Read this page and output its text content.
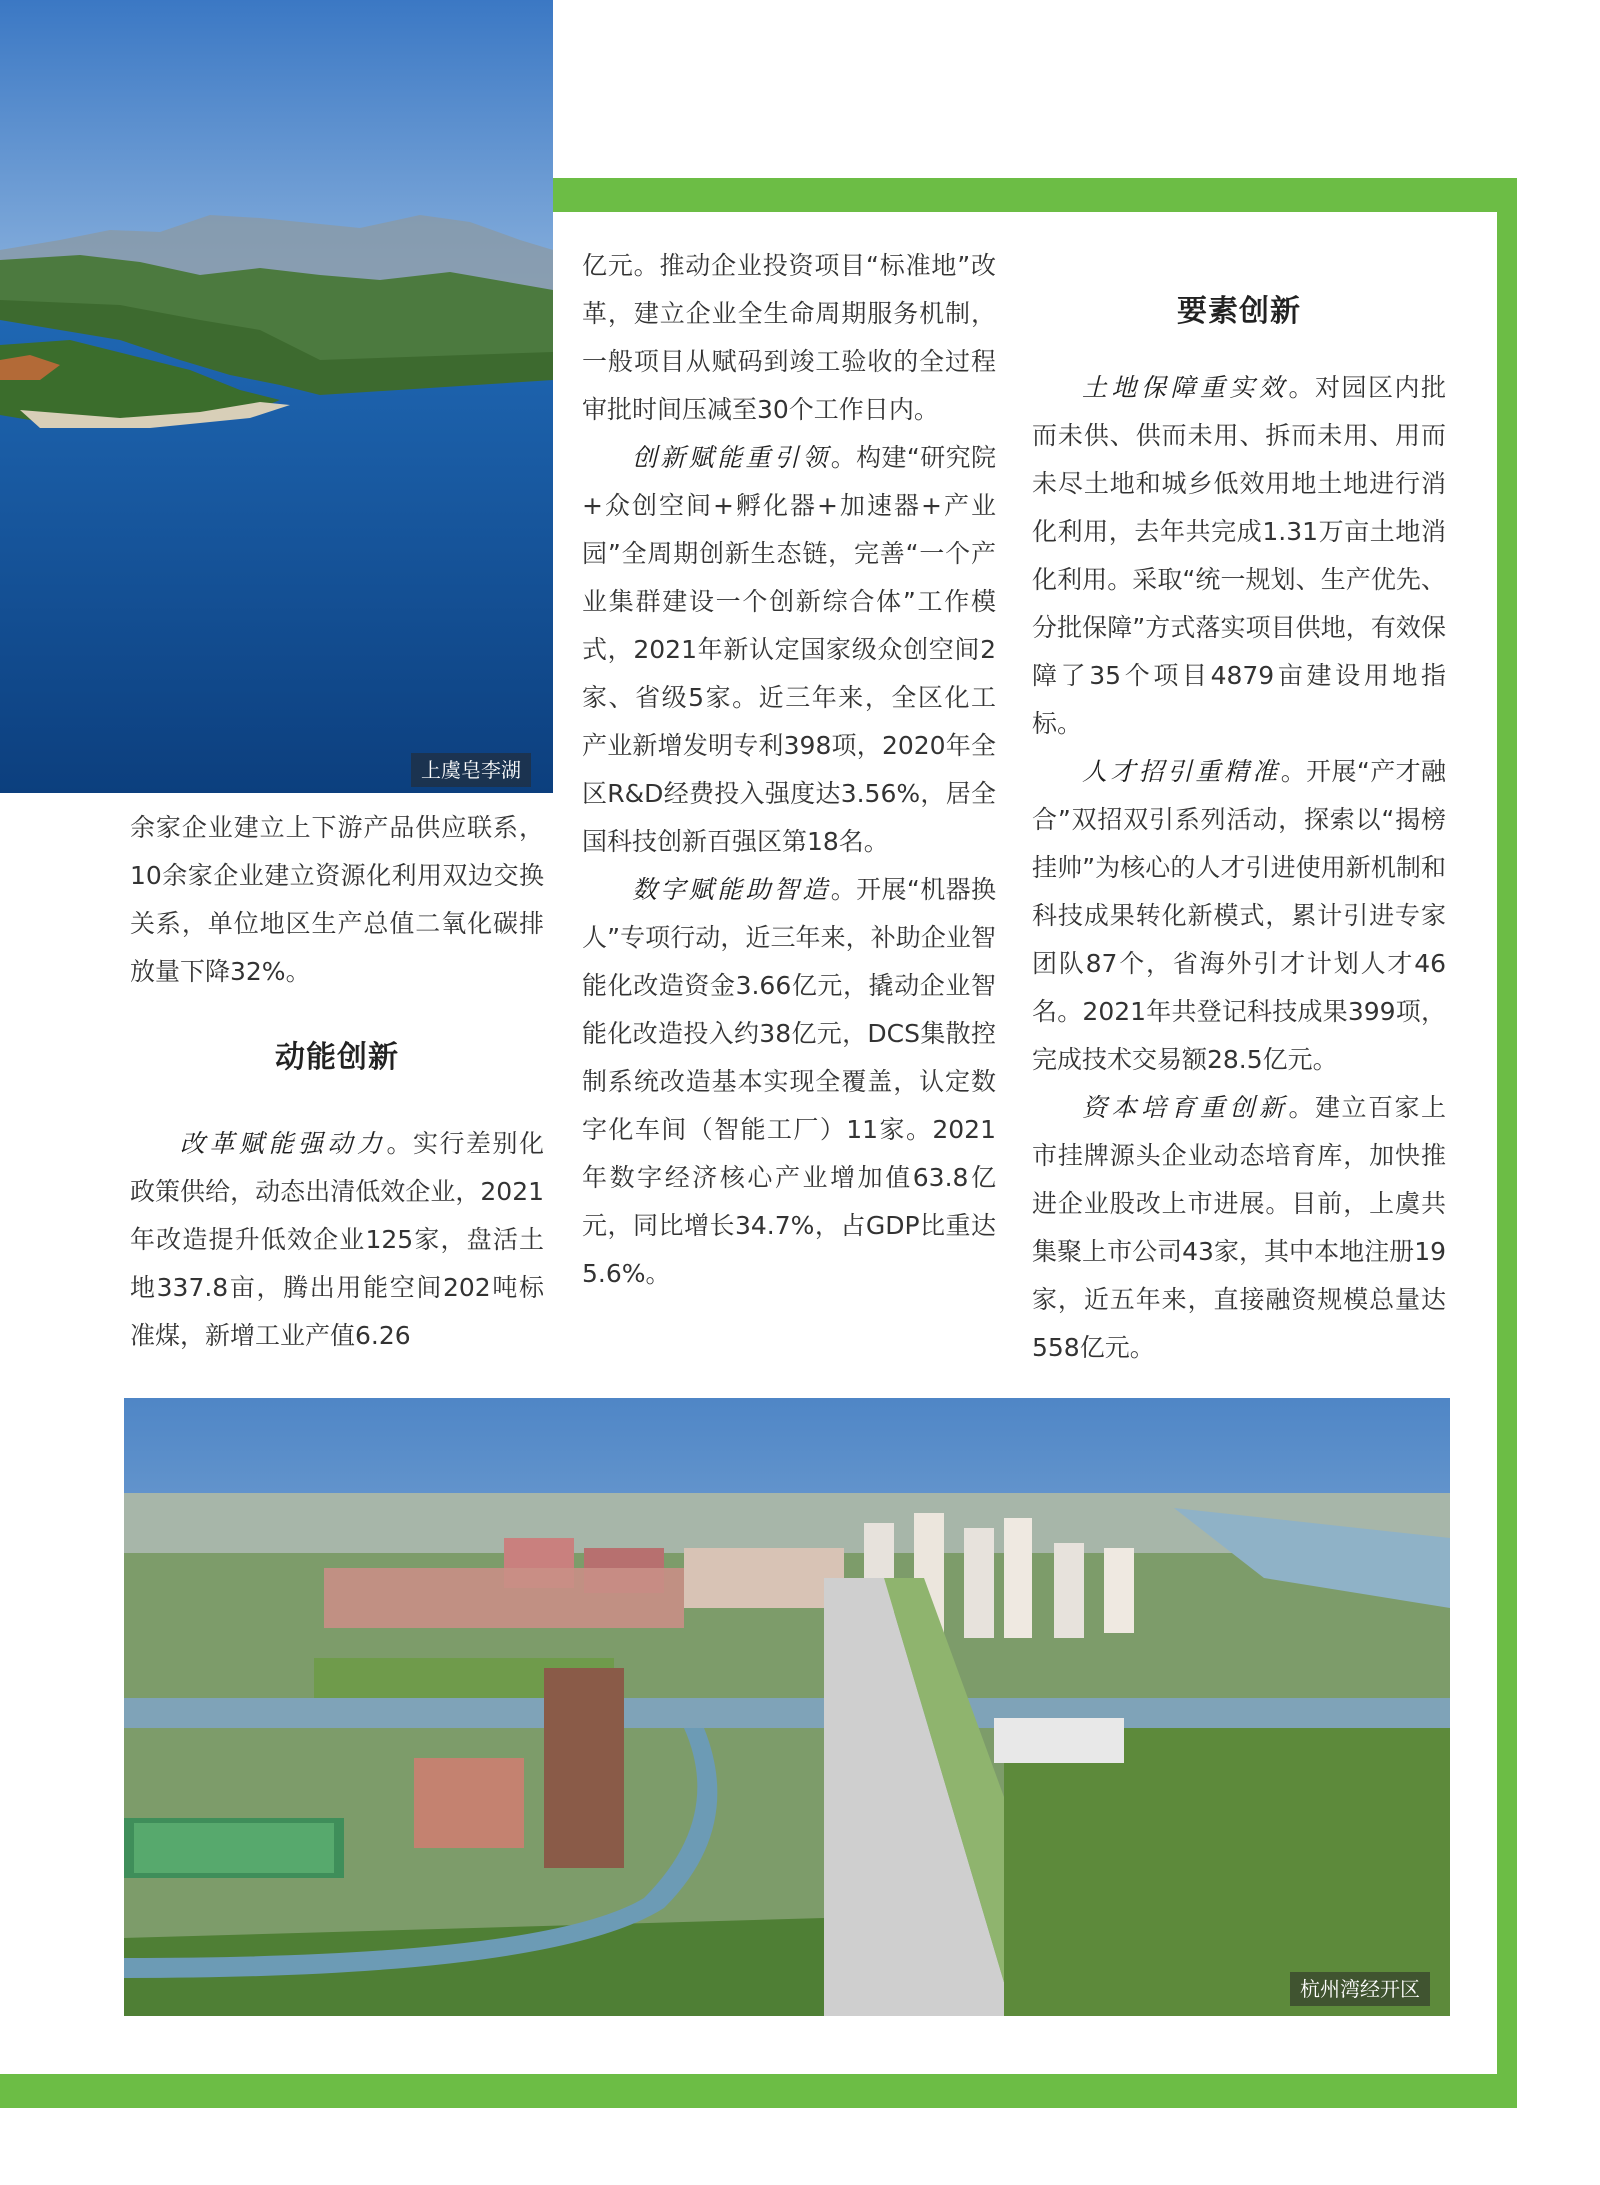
上虞皂李湖

余家企业建立上下游产品供应联系，10余家企业建立资源化利用双边交换关系，单位地区生产总值二氧化碳排放量下降32%。

动能创新

改革赋能强动力。实行差别化政策供给，动态出清低效企业，2021年改造提升低效企业125家，盘活土地337.8亩，腾出用能空间202吨标准煤，新增工业产值6.26

亿元。推动企业投资项目“标准地”改革，建立企业全生命周期服务机制，一般项目从赋码到竣工验收的全过程审批时间压减至30个工作日内。

创新赋能重引领。构建“研究院+众创空间+孵化器+加速器+产业园”全周期创新生态链，完善“一个产业集群建设一个创新综合体”工作模式，2021年新认定国家级众创空间2家、省级5家。近三年来，全区化工产业新增发明专利398项，2020年全区R&D经费投入强度达3.56%，居全国科技创新百强区第18名。

数字赋能助智造。开展“机器换人”专项行动，近三年来，补助企业智能化改造资金3.66亿元，撬动企业智能化改造投入约38亿元，DCS集散控制系统改造基本实现全覆盖，认定数字化车间（智能工厂）11家。2021年数字经济核心产业增加值63.8亿元，同比增长34.7%，占GDP比重达5.6%。

要素创新

土地保障重实效。对园区内批而未供、供而未用、拆而未用、用而未尽土地和城乡低效用地土地进行消化利用，去年共完成1.31万亩土地消化利用。采取“统一规划、生产优先、分批保障”方式落实项目供地，有效保障了35个项目4879亩建设用地指标。

人才招引重精准。开展“产才融合”双招双引系列活动，探索以“揭榜挂帅”为核心的人才引进使用新机制和科技成果转化新模式，累计引进专家团队87个，省海外引才计划人才46名。2021年共登记科技成果399项，完成技术交易额28.5亿元。

资本培育重创新。建立百家上市挂牌源头企业动态培育库，加快推进企业股改上市进展。目前，上虞共集聚上市公司43家，其中本地注册19家，近五年来，直接融资规模总量达558亿元。

杭州湾经开区
